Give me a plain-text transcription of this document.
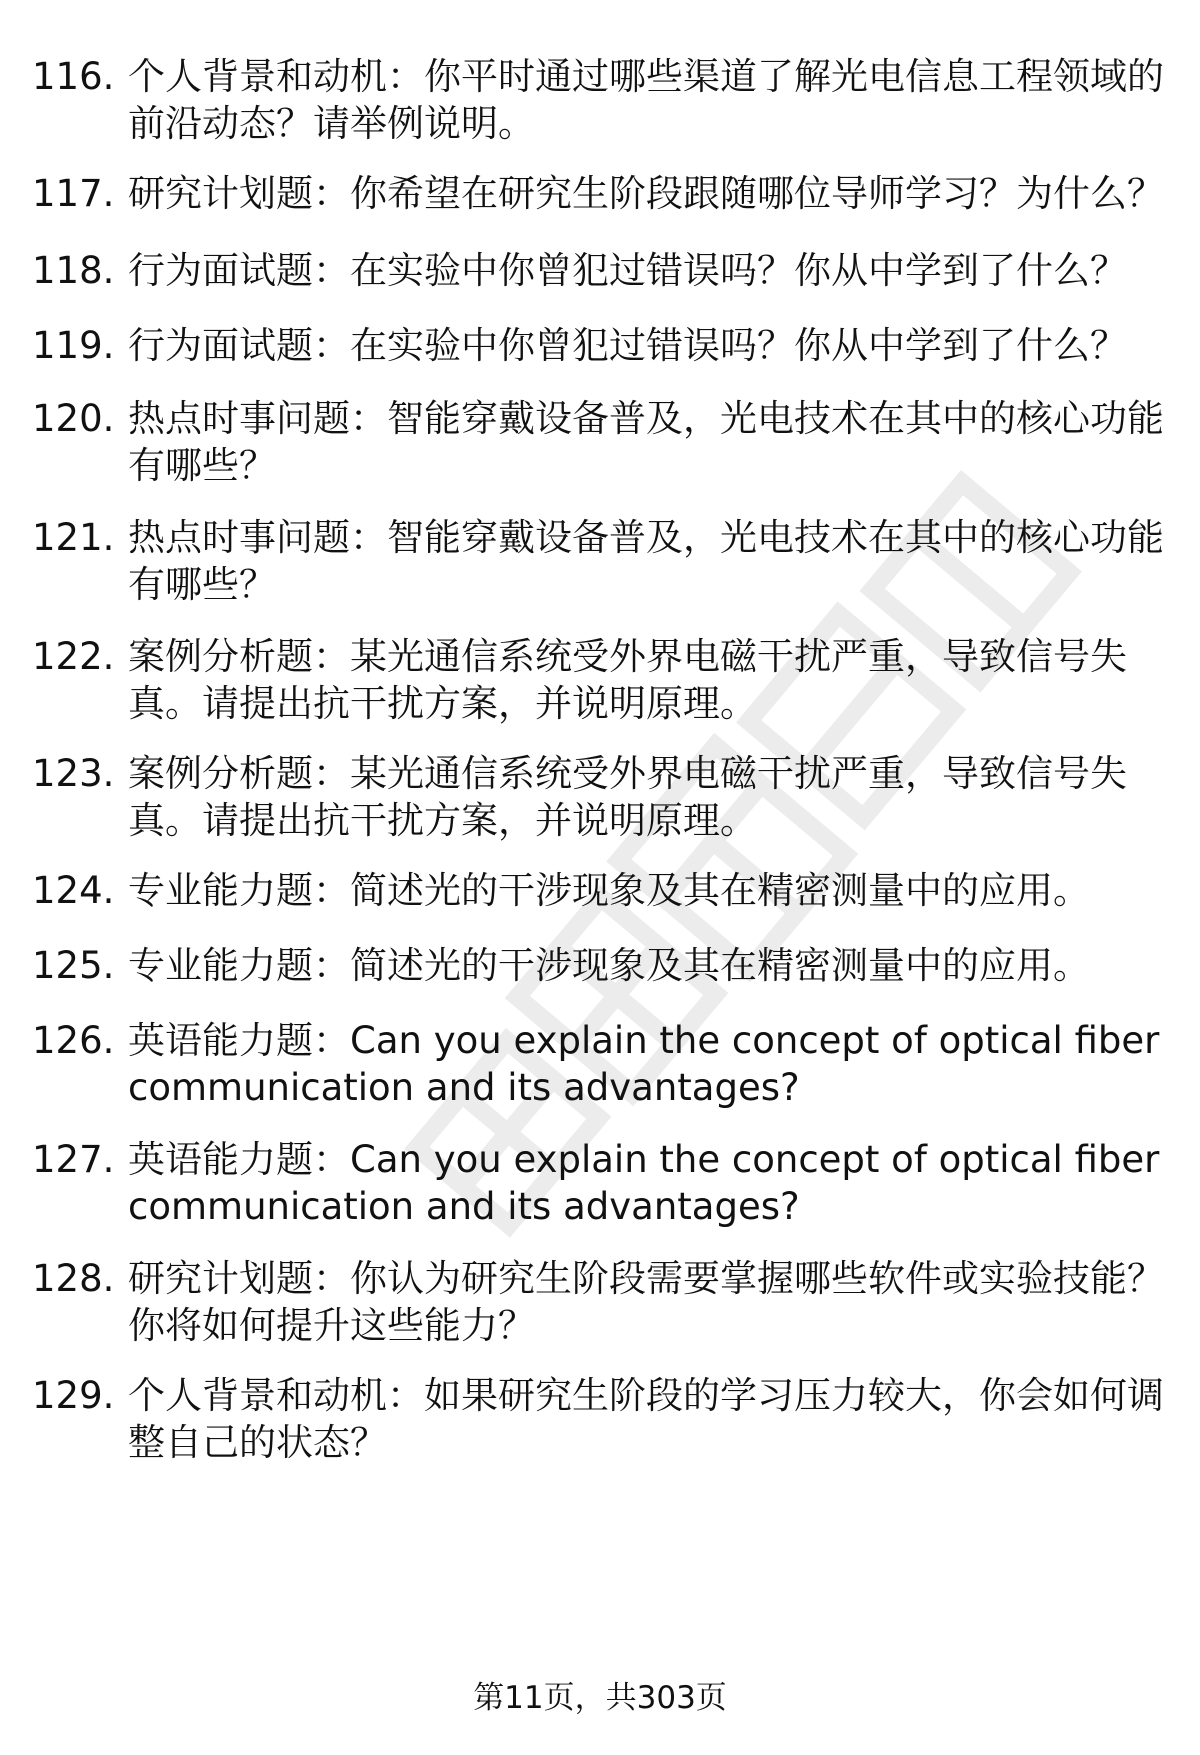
116. 个人背景和动机：你平时通过哪些渠道了解光电信息工程领域的
前沿动态？请举例说明。
117. 研究计划题：你希望在研究生阶段跟随哪位导师学习？为什么？
118. 行为面试题：在实验中你曾犯过错误吗？你从中学到了什么？
119. 行为面试题：在实验中你曾犯过错误吗？你从中学到了什么？
120. 热点时事问题：智能穿戴设备普及，光电技术在其中的核心功能
有哪些？
121. 热点时事问题：智能穿戴设备普及，光电技术在其中的核心功能
有哪些？
122. 案例分析题：某光通信系统受外界电磁干扰严重，导致信号失
真。请提出抗干扰方案，并说明原理。
123. 案例分析题：某光通信系统受外界电磁干扰严重，导致信号失
真。请提出抗干扰方案，并说明原理。
124. 专业能力题：简述光的干涉现象及其在精密测量中的应用。
125. 专业能力题：简述光的干涉现象及其在精密测量中的应用。
126. 英语能力题：Can you explain the concept of optical fiber
communication and its advantages?
127. 英语能力题：Can you explain the concept of optical fiber
communication and its advantages?
128. 研究计划题：你认为研究生阶段需要掌握哪些软件或实验技能？
你将如何提升这些能力？
129. 个人背景和动机：如果研究生阶段的学习压力较大，你会如何调
整自己的状态？
第11页，共303页
